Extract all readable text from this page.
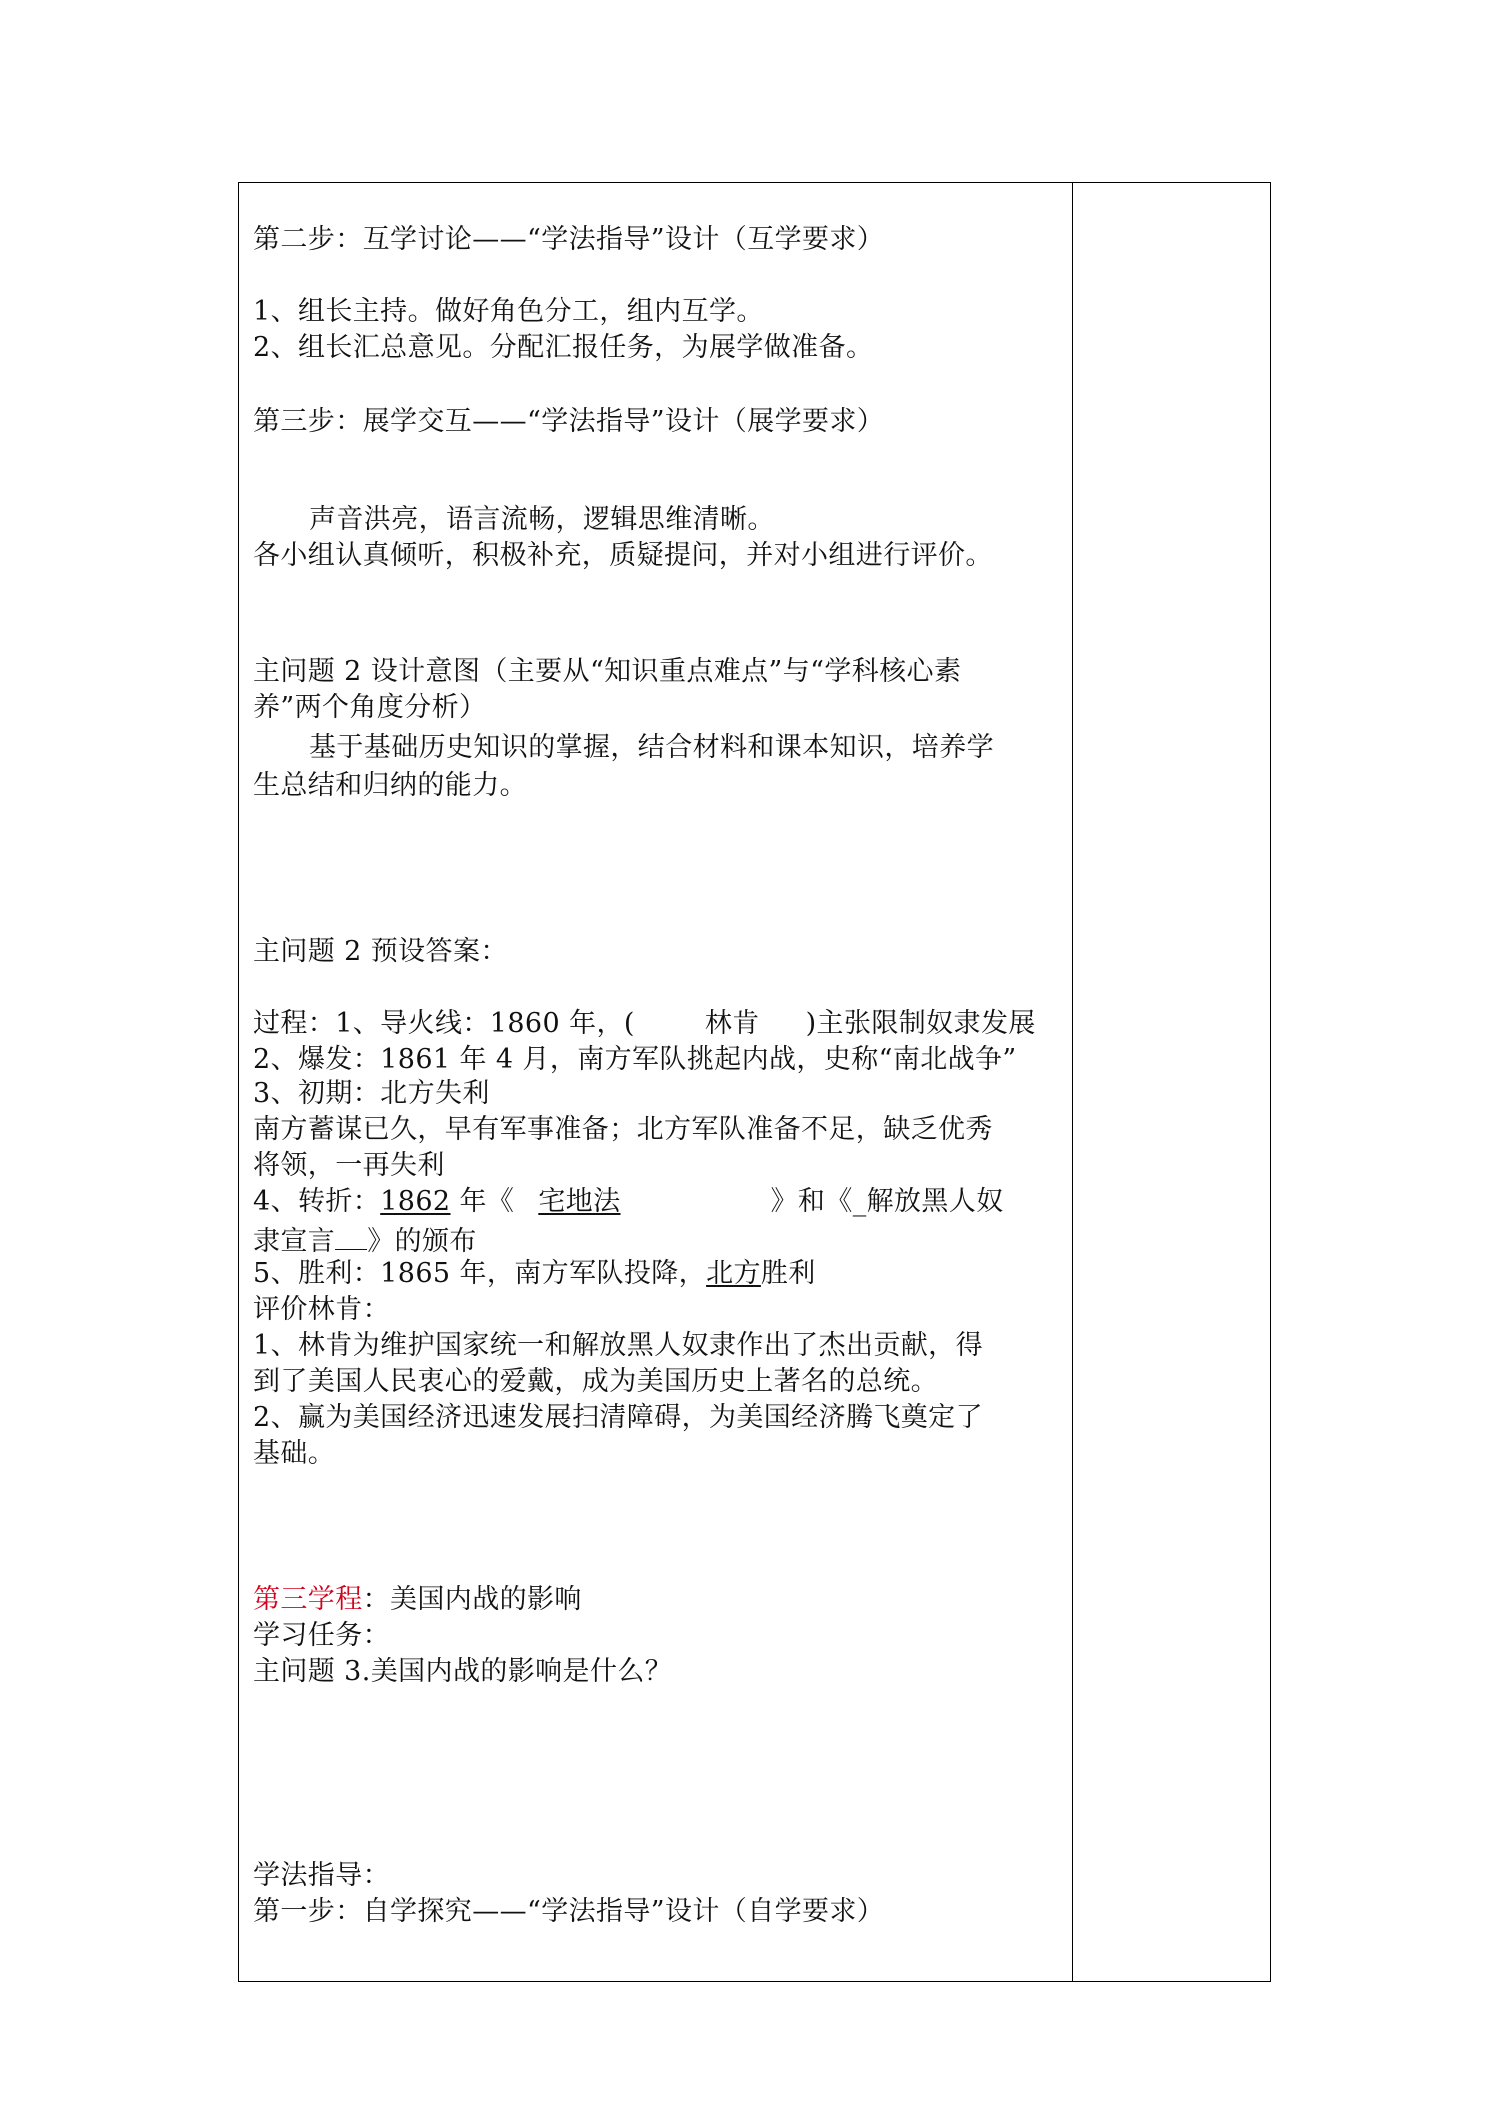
第二步：互学讨论——“学法指导”设计（互学要求）
1、组长主持。做好角色分工，组内互学。
2、组长汇总意见。分配汇报任务，为展学做准备。
第三步：展学交互——“学法指导”设计（展学要求）
声音洪亮，语言流畅，逻辑思维清晰。
各小组认真倾听，积极补充，质疑提问，并对小组进行评价。
主问题 2 设计意图（主要从“知识重点难点”与“学科核心素
养”两个角度分析）
基于基础历史知识的掌握，结合材料和课本知识，培养学
生总结和归纳的能力。
主问题 2 预设答案：
过程：1、导火线：1860 年，(	林肯 )主张限制奴隶发展
2、爆发：1861 年 4 月，南方军队挑起内战，史称“南北战争”
3、初期：北方失利
南方蓄谋已久，早有军事准备；北方军队准备不足，缺乏优秀
将领，一再失利
4、转折：1862 年《 宅地法	》和《_解放黑人奴
隶宣言 》的颁布
5、胜利：1865 年，南方军队投降，北方胜利
评价林肯：
1、林肯为维护国家统一和解放黑人奴隶作出了杰出贡献，得
到了美国人民衷心的爱戴，成为美国历史上著名的总统。
2、赢为美国经济迅速发展扫清障碍，为美国经济腾飞奠定了
基础。
第三学程：美国内战的影响
学习任务：
主问题 3.美国内战的影响是什么？
学法指导：
第一步：自学探究——“学法指导”设计（自学要求）
